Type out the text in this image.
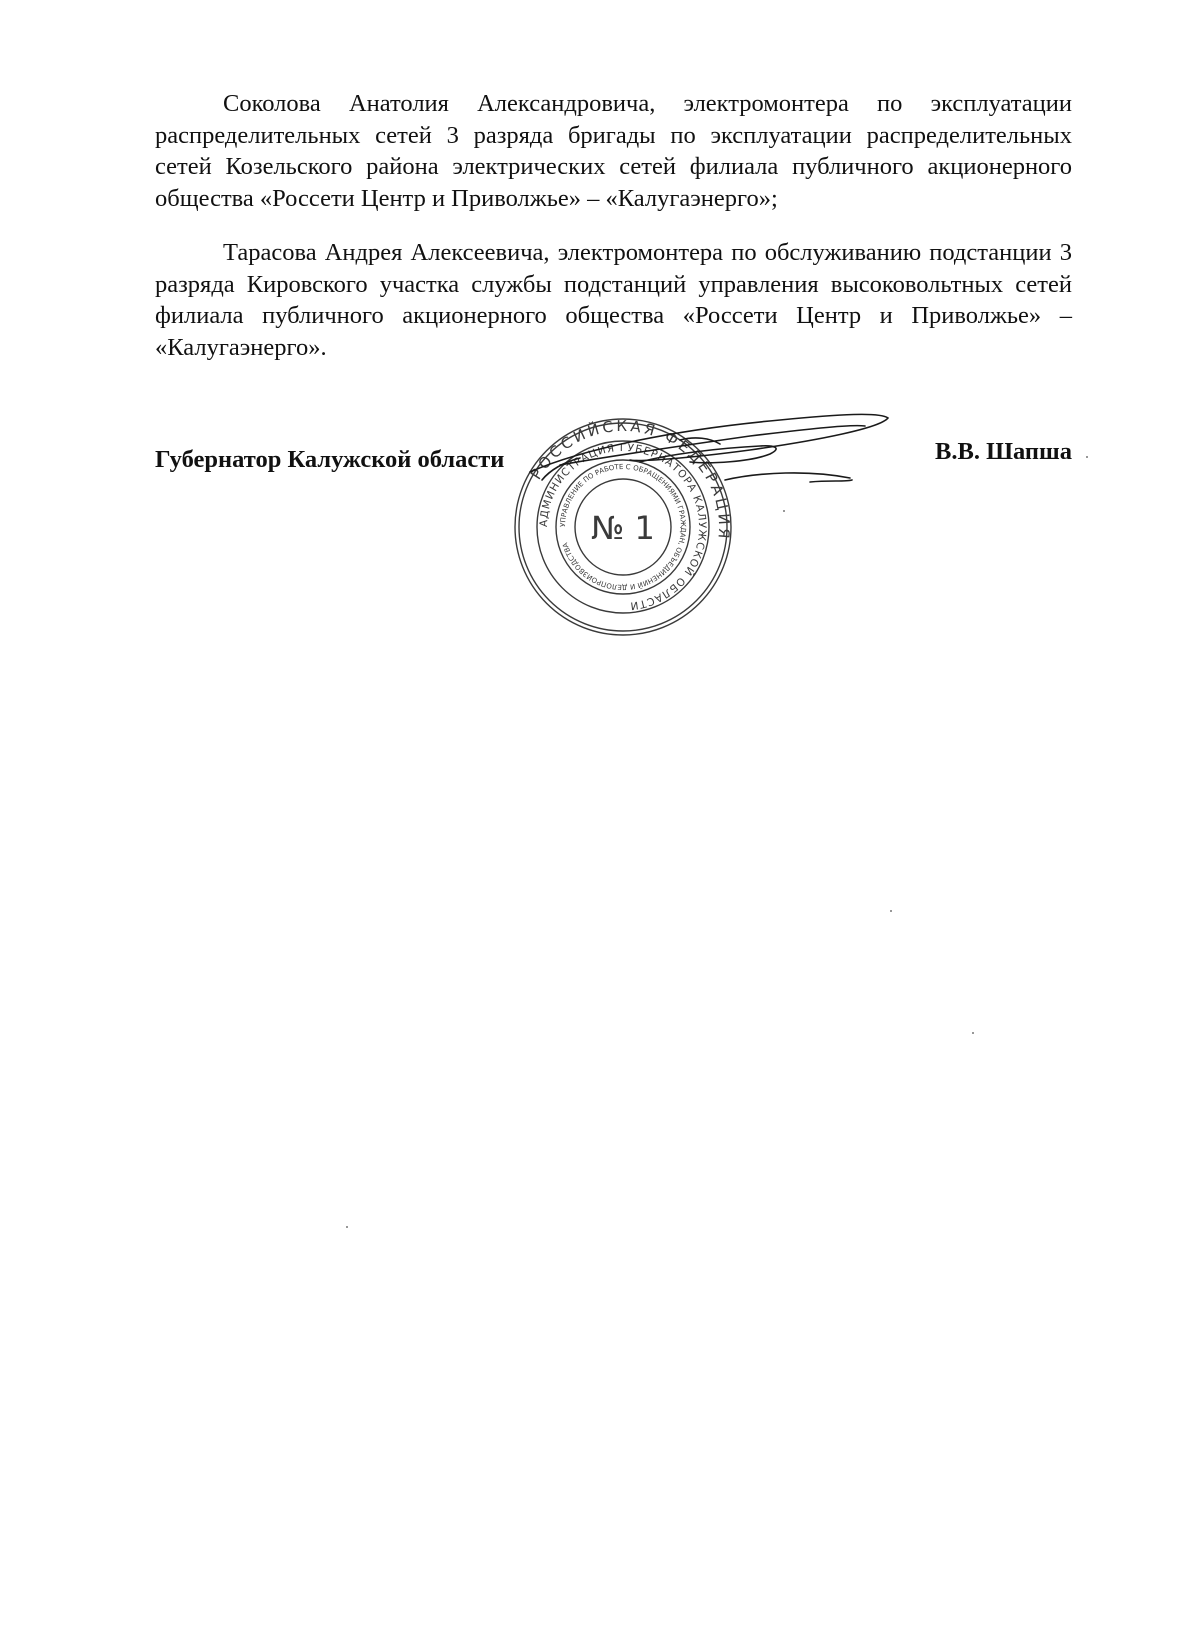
Соколова Анатолия Александровича, электромонтера по эксплуатации распределительных сетей 3 разряда бригады по эксплуатации распределительных сетей Козельского района электрических сетей филиала публичного акционерного общества «Россети Центр и Приволжье» – «Калугаэнерго»;

Тарасова Андрея Алексеевича, электромонтера по обслуживанию подстанции 3 разряда Кировского участка службы подстанций управления высоковольтных сетей филиала публичного акционерного общества «Россети Центр и Приволжье» – «Калугаэнерго».

Губернатор Калужской области	В.В. Шапша
РОССИЙСКАЯ ФЕДЕРАЦИЯ
АДМИНИСТРАЦИЯ ГУБЕРНАТОРА КАЛУЖСКОЙ ОБЛАСТИ
УПРАВЛЕНИЕ ПО РАБОТЕ С ОБРАЩЕНИЯМИ ГРАЖДАН, ОБЪЕДИНЕНИЙ И ДЕЛОПРОИЗВОДСТВА № 1
